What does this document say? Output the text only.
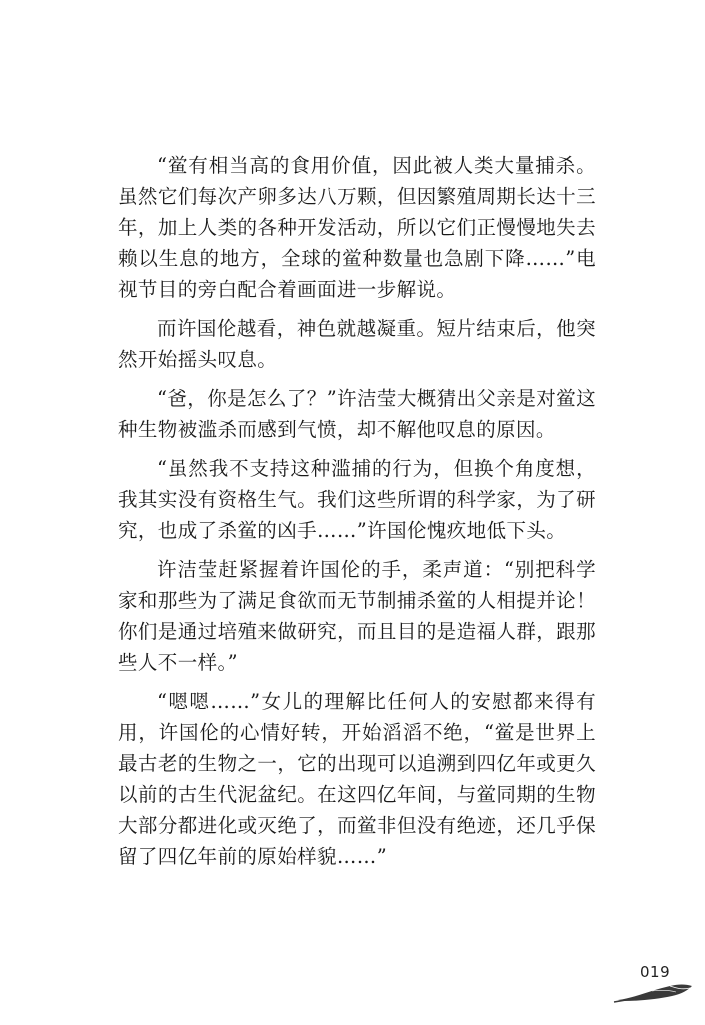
“鲎有相当高的食用价值，因此被人类大量捕杀。虽然它们每次产卵多达八万颗，但因繁殖周期长达十三年，加上人类的各种开发活动，所以它们正慢慢地失去赖以生息的地方，全球的鲎种数量也急剧下降……”电视节目的旁白配合着画面进一步解说。

而许国伦越看，神色就越凝重。短片结束后，他突然开始摇头叹息。

“爸，你是怎么了？”许洁莹大概猜出父亲是对鲎这种生物被滥杀而感到气愤，却不解他叹息的原因。

“虽然我不支持这种滥捕的行为，但换个角度想，我其实没有资格生气。我们这些所谓的科学家，为了研究，也成了杀鲎的凶手……”许国伦愧疚地低下头。

许洁莹赶紧握着许国伦的手，柔声道：“别把科学家和那些为了满足食欲而无节制捕杀鲎的人相提并论！你们是通过培殖来做研究，而且目的是造福人群，跟那些人不一样。”

“嗯嗯……”女儿的理解比任何人的安慰都来得有用，许国伦的心情好转，开始滔滔不绝，“鲎是世界上最古老的生物之一，它的出现可以追溯到四亿年或更久以前的古生代泥盆纪。在这四亿年间，与鲎同期的生物大部分都进化或灭绝了，而鲎非但没有绝迹，还几乎保留了四亿年前的原始样貌……”

019
